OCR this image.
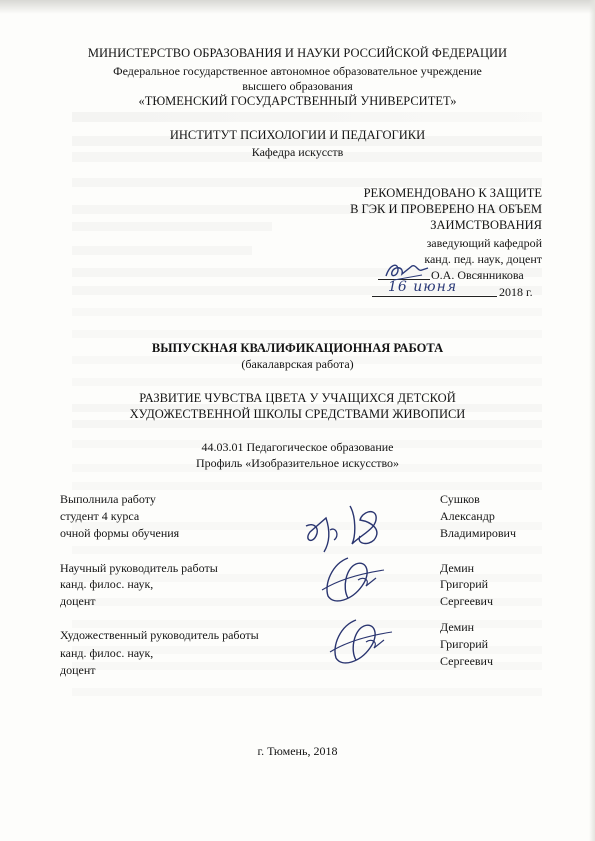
МИНИСТЕРСТВО ОБРАЗОВАНИЯ И НАУКИ РОССИЙСКОЙ ФЕДЕРАЦИИ
Федеральное государственное автономное образовательное учреждение
высшего образования
«ТЮМЕНСКИЙ ГОСУДАРСТВЕННЫЙ УНИВЕРСИТЕТ»
ИНСТИТУТ ПСИХОЛОГИИ И ПЕДАГОГИКИ
Кафедра искусств
РЕКОМЕНДОВАНО К ЗАЩИТЕ
В ГЭК И ПРОВЕРЕНО НА ОБЪЕМ
ЗАИМСТВОВАНИЯ
заведующий кафедрой
канд. пед. наук, доцент
О.А. Овсянникова
16 июня	2018 г.
ВЫПУСКНАЯ КВАЛИФИКАЦИОННАЯ РАБОТА
(бакалаврская работа)
РАЗВИТИЕ ЧУВСТВА ЦВЕТА У УЧАЩИХСЯ ДЕТСКОЙ
ХУДОЖЕСТВЕННОЙ ШКОЛЫ СРЕДСТВАМИ ЖИВОПИСИ
44.03.01 Педагогическое образование
Профиль «Изобразительное искусство»
Выполнила работу
студент 4 курса
очной формы обучения
Сушков
Александр
Владимирович
Научный руководитель работы
канд. филос. наук,
доцент
Демин
Григорий
Сергеевич
Художественный руководитель работы
канд. филос. наук,
доцент
Демин
Григорий
Сергеевич
г. Тюмень, 2018
